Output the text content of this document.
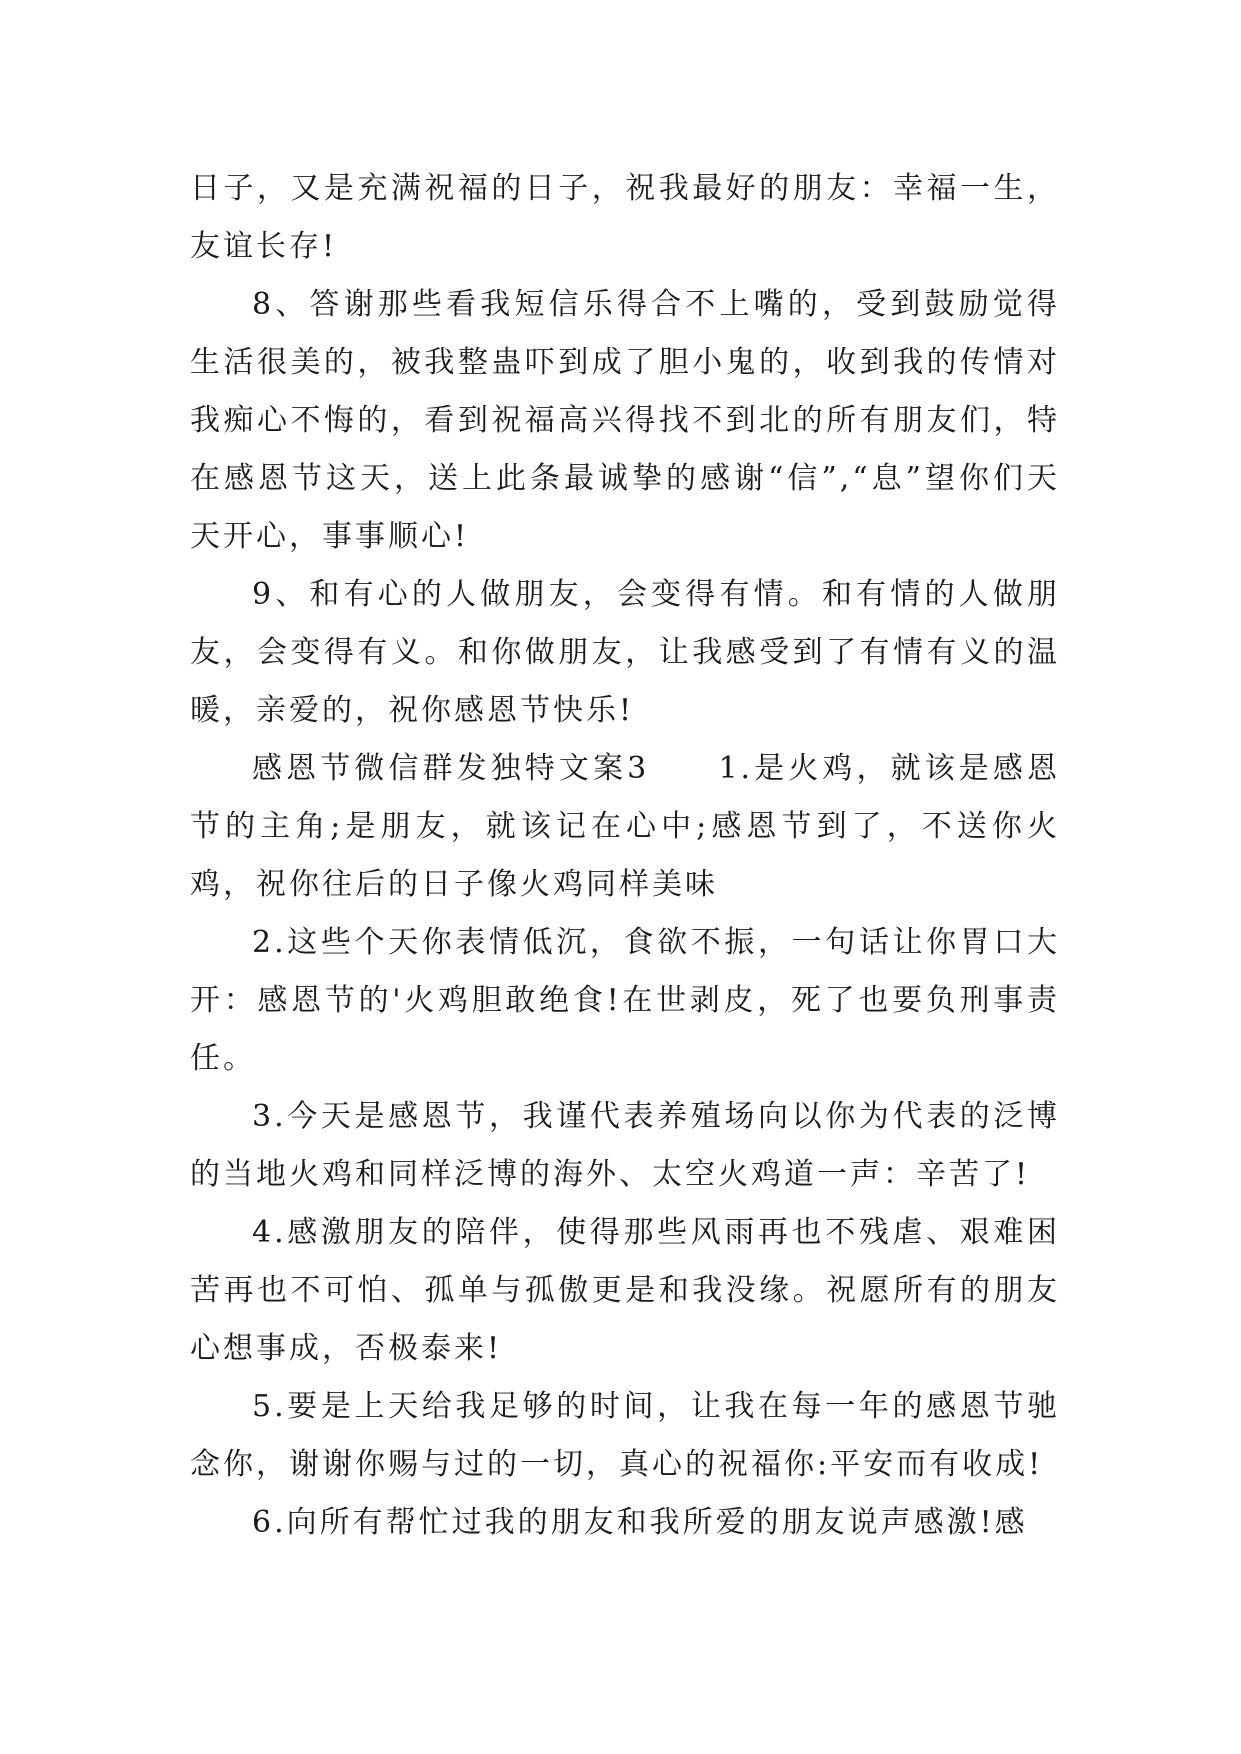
日子，又是充满祝福的日子，祝我最好的朋友：幸福一生，友谊长存!

8、答谢那些看我短信乐得合不上嘴的，受到鼓励觉得生活很美的，被我整蛊吓到成了胆小鬼的，收到我的传情对我痴心不悔的，看到祝福高兴得找不到北的所有朋友们，特在感恩节这天，送上此条最诚挚的感谢“信”,“息”望你们天天开心，事事顺心!

9、和有心的人做朋友，会变得有情。和有情的人做朋友，会变得有义。和你做朋友，让我感受到了有情有义的温暖，亲爱的，祝你感恩节快乐!

感恩节微信群发独特文案3　　1.是火鸡，就该是感恩节的主角;是朋友，就该记在心中;感恩节到了，不送你火鸡，祝你往后的日子像火鸡同样美味

2.这些个天你表情低沉，食欲不振，一句话让你胃口大开：感恩节的'火鸡胆敢绝食!在世剥皮，死了也要负刑事责任。

3.今天是感恩节，我谨代表养殖场向以你为代表的泛博的当地火鸡和同样泛博的海外、太空火鸡道一声：辛苦了!

4.感激朋友的陪伴，使得那些风雨再也不残虐、艰难困苦再也不可怕、孤单与孤傲更是和我没缘。祝愿所有的朋友心想事成，否极泰来!

5.要是上天给我足够的时间，让我在每一年的感恩节驰念你，谢谢你赐与过的一切，真心的祝福你:平安而有收成!

6.向所有帮忙过我的朋友和我所爱的朋友说声感激!感
